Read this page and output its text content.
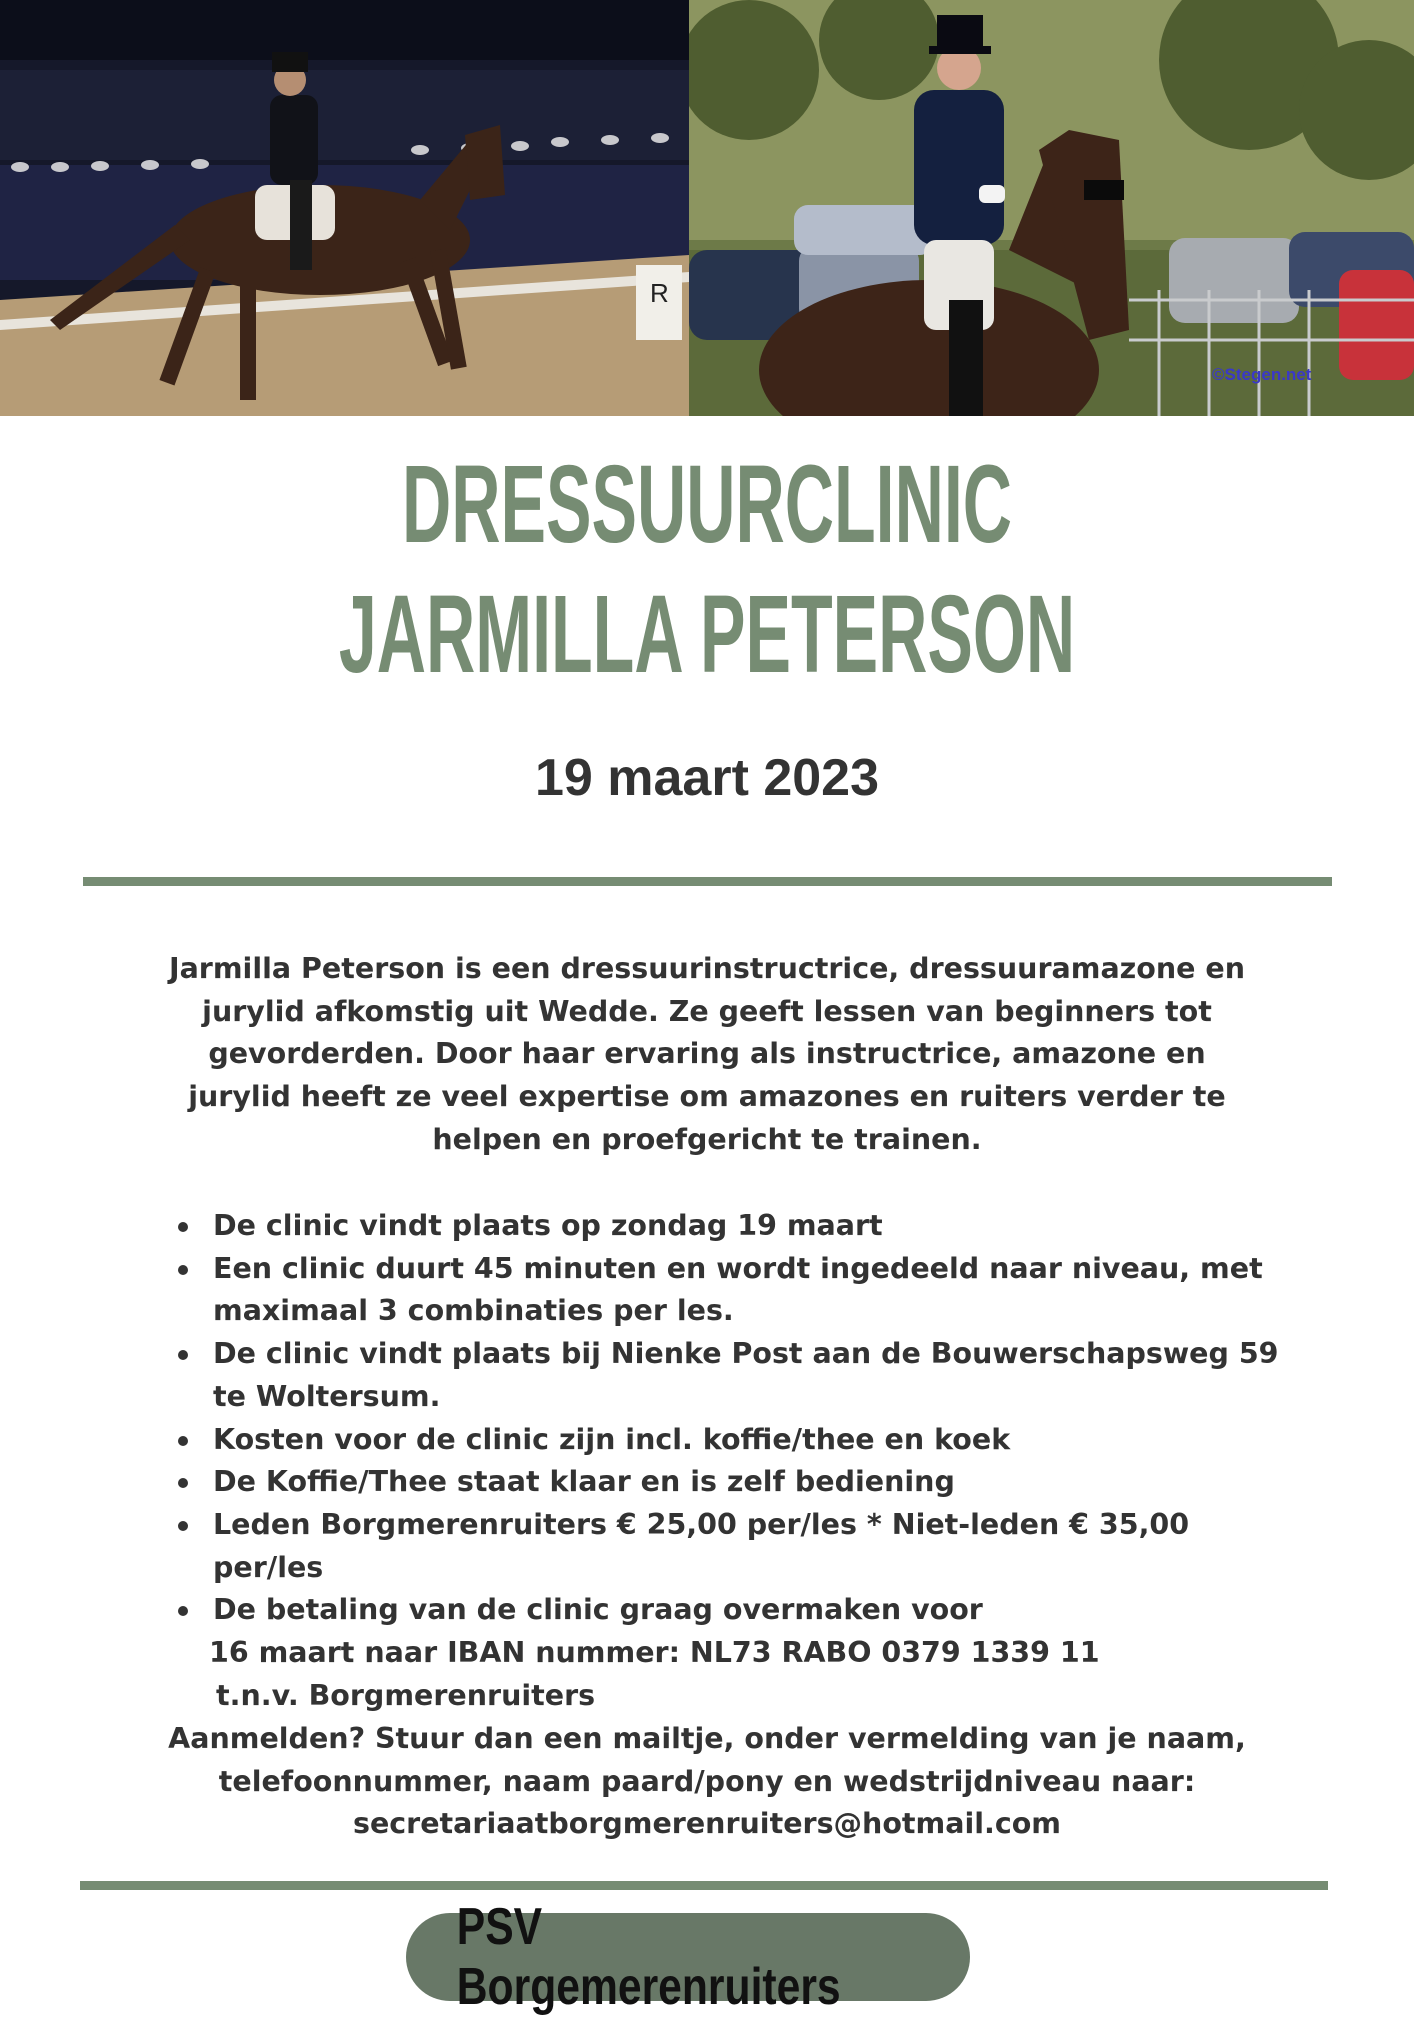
R
©Stegen.net
DRESSUURCLINIC
JARMILLA PETERSON
19 maart 2023

Jarmilla Peterson is een dressuurinstructrice, dressuuramazone en jurylid afkomstig uit Wedde. Ze geeft lessen van beginners tot gevorderden. Door haar ervaring als instructrice, amazone en jurylid heeft ze veel expertise om amazones en ruiters verder te helpen en proefgericht te trainen.

De clinic vindt plaats op zondag 19 maart
Een clinic duurt 45 minuten en wordt ingedeeld naar niveau, met maximaal 3 combinaties per les.
De clinic vindt plaats bij Nienke Post aan de Bouwerschapsweg 59 te Woltersum.
Kosten voor de clinic zijn incl. koffie/thee en koek
De Koffie/Thee staat klaar en is zelf bediening
Leden Borgmerenruiters € 25,00 per/les * Niet-leden € 35,00 per/les
De betaling van de clinic graag overmaken voor
16 maart naar IBAN nummer: NL73 RABO 0379 1339 11
t.n.v. Borgmerenruiters

Aanmelden? Stuur dan een mailtje, onder vermelding van je naam, telefoonnummer, naam paard/pony en wedstrijdniveau naar:
secretariaatborgmerenruiters@hotmail.com

PSV Borgemerenruiters
